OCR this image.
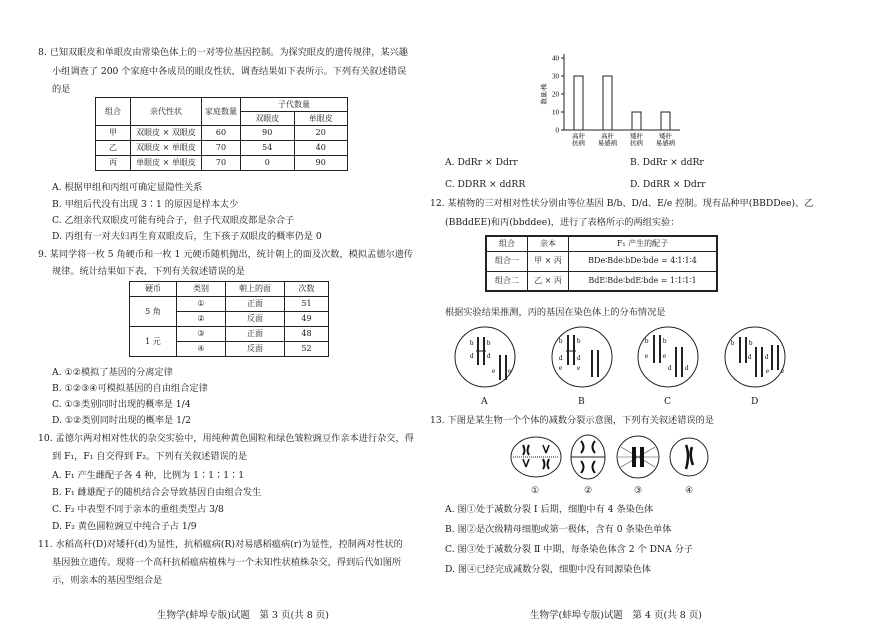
8. 已知双眼皮和单眼皮由常染色体上的一对等位基因控制。为探究眼皮的遗传规律，某兴趣
小组调查了 200 个家庭中各成员的眼皮性状，调查结果如下表所示。下列有关叙述错误
的是
组合	亲代性状	家庭数量	子代数量	
			双眼皮	单眼皮
甲	双眼皮 × 双眼皮	60	90	20
乙	双眼皮 × 单眼皮	70	54	40
丙	单眼皮 × 单眼皮	70	0	90
A. 根据甲组和丙组可确定显隐性关系
B. 甲组后代没有出现 3∶1 的原因是样本太少
C. 乙组亲代双眼皮可能有纯合子，但子代双眼皮都是杂合子
D. 丙组有一对夫妇再生育双眼皮后，生下孩子双眼皮的概率仍是 0
9. 某同学将一枚 5 角硬币和一枚 1 元硬币随机抛出，统计朝上的面及次数，模拟孟德尔遗传
规律。统计结果如下表，下列有关叙述错误的是
硬币	类别	朝上的面	次数
5 角	①	正面	51
	②	反面	49
1 元	③	正面	48
	④	反面	52
A. ①②模拟了基因的分离定律
B. ①②③④可模拟基因的自由组合定律
C. ①③类别同时出现的概率是 1/4
D. ①②类别同时出现的概率是 1/2
10. 孟德尔两对相对性状的杂交实验中，用纯种黄色圆粒和绿色皱粒豌豆作亲本进行杂交，得
到 F₁，F₁ 自交得到 F₂。下列有关叙述错误的是
A. F₁ 产生雌配子各 4 种，比例为 1∶1∶1∶1
B. F₁ 雌雄配子的随机结合会导致基因自由组合发生
C. F₂ 中表型不同于亲本的重组类型占 3/8
D. F₂ 黄色圆粒豌豆中纯合子占 1/9
11. 水稻高秆(D)对矮秆(d)为显性，抗稻瘟病(R)对易感稻瘟病(r)为显性，控制两对性状的
基因独立遗传。现将一个高秆抗稻瘟病植株与一个未知性状植株杂交，得到后代如图所
示，则亲本的基因型组合是
生物学(蚌埠专版)试题　第 3 页(共 8 页)
0
10
20
30
40
数量/株
高秆
抗病
高秆
易感病
矮秆
抗病
矮秆
易感病
A. DdRr × Ddrr	B. DdRr × ddRr
C. DDRR × ddRR	D. DdRR × Ddrr
12. 某植物的三对相对性状分别由等位基因 B/b、D/d、E/e 控制。现有品种甲(BBDDee)、乙
(BBddEE)和丙(bbddee)，进行了表格所示的两组实验：
组合	亲本	F₁ 产生的配子
组合一	甲 × 丙	BDe∶Bde∶bDe∶bde = 4∶1∶1∶4
组合二	乙 × 丙	BdE∶Bde∶bdE∶bde = 1∶1∶1∶1
根据实验结果推测，丙的基因在染色体上的分布情况是
b b
d d
e e
b b
d d
e e
b b
e e
d d
b b
d d
e e
A	B	C	D
13. 下图是某生物一个个体的减数分裂示意图，下列有关叙述错误的是
①	②	③	④
A. 图①处于减数分裂 Ⅰ 后期，细胞中有 4 条染色体
B. 图②是次级精母细胞或第一极体，含有 0 条染色单体
C. 图③处于减数分裂 Ⅱ 中期，每条染色体含 2 个 DNA 分子
D. 图④已经完成减数分裂，细胞中没有同源染色体
生物学(蚌埠专版)试题　第 4 页(共 8 页)
